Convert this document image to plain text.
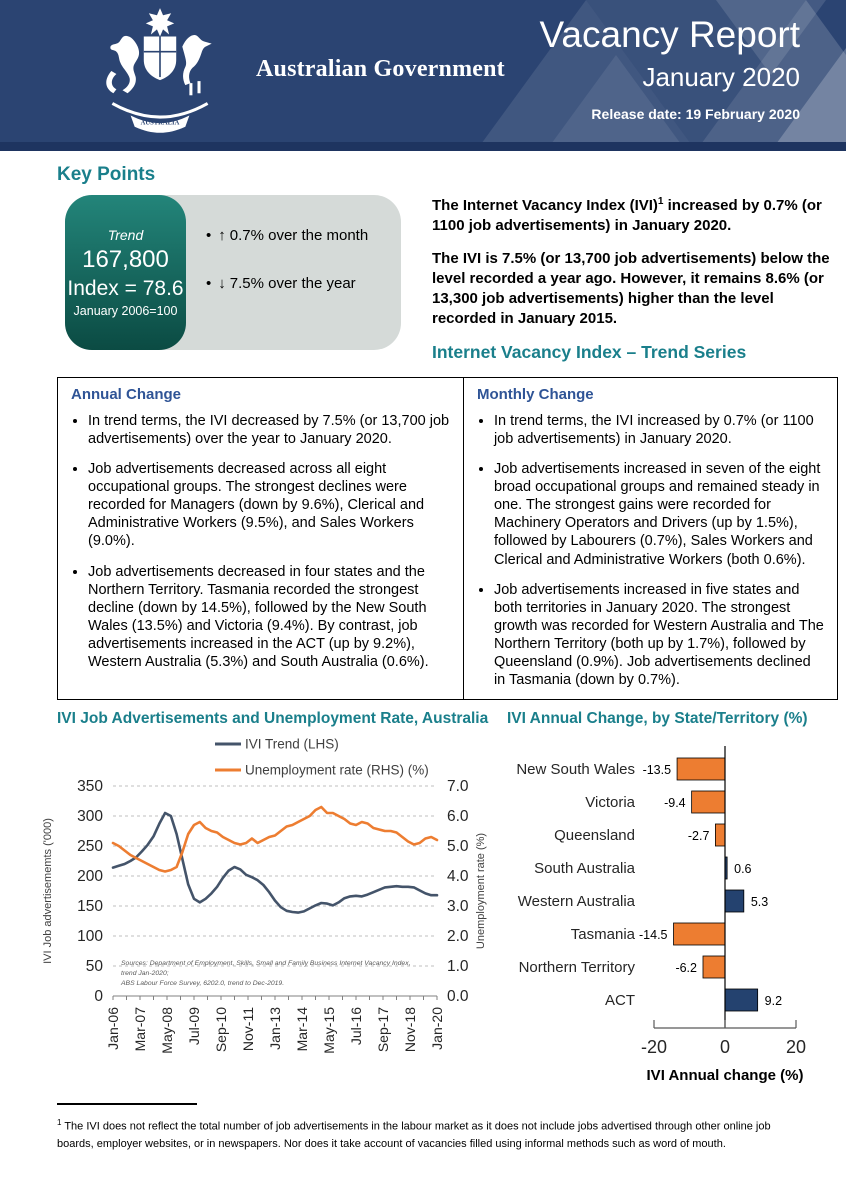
AUSTRALIA
Australian Government
Vacancy Report
January 2020
Release date: 19 February 2020
Key Points
Trend
167,800
Index = 78.6
January 2006=100
• ↑ 0.7% over the month
• ↓ 7.5% over the year

The Internet Vacancy Index (IVI)$^1$ increased by 0.7% (or 1100 job advertisements) in January 2020.

The IVI is 7.5% (or 13,700 job advertisements) below the level recorded a year ago. However, it remains 8.6% (or 13,300 job advertisements) higher than the level recorded in January 2015.

Internet Vacancy Index – Trend Series
Annual Change
• In trend terms, the IVI decreased by 7.5% (or 13,700 job advertisements) over the year to January 2020.
• Job advertisements decreased across all eight occupational groups. The strongest declines were recorded for Managers (down by 9.6%), Clerical and Administrative Workers (9.5%), and Sales Workers (9.0%).
• Job advertisements decreased in four states and the Northern Territory. Tasmania recorded the strongest decline (down by 14.5%), followed by the New South Wales (13.5%) and Victoria (9.4%). By contrast, job advertisements increased in the ACT (up by 9.2%), Western Australia (5.3%) and South Australia (0.6%).
Monthly Change
• In trend terms, the IVI increased by 0.7% (or 1100 job advertisements) in January 2020.
• Job advertisements increased in seven of the eight broad occupational groups and remained steady in one. The strongest gains were recorded for Machinery Operators and Drivers (up by 1.5%), followed by Labourers (0.7%), Sales Workers and Clerical and Administrative Workers (both 0.6%).
• Job advertisements increased in five states and both territories in January 2020. The strongest growth was recorded for Western Australia and The Northern Territory (both up by 1.7%), followed by Queensland (0.9%). Job advertisements declined in Tasmania (down by 0.7%).
IVI Job Advertisements and Unemployment Rate, Australia
0
50
100
150
200
250
300
350
0.0
1.0
2.0
3.0
4.0
5.0
6.0
7.0
Jan-06 Mar-07 May-08 Jul-09 Sep-10 Nov-11 Jan-13 Mar-14 May-15 Jul-16 Sep-17 Nov-18 Jan-20
IVI Trend (LHS)
Unemployment rate (RHS) (%)
IVI Job advertisememts ('000)	Unemployment rate (%)
Sources: Department of Employment, Skills, Small and Family Business Internet Vacancy Index,
trend Jan-2020;
ABS Labour Force Survey, 6202.0, trend to Dec-2019.
IVI Annual Change, by State/Territory (%)
New South Wales -13.5
Victoria -9.4
Queensland	-2.7
South Australia	0.6
Western Australia	5.3
Tasmania -14.5
Northern Territory	-6.2
ACT	9.2
-20	0	20
IVI Annual change (%)
$^1$ The IVI does not reflect the total number of job advertisements in the labour market as it does not include jobs advertised through other online job boards, employer websites, or in newspapers. Nor does it take account of vacancies filled using informal methods such as word of mouth.
